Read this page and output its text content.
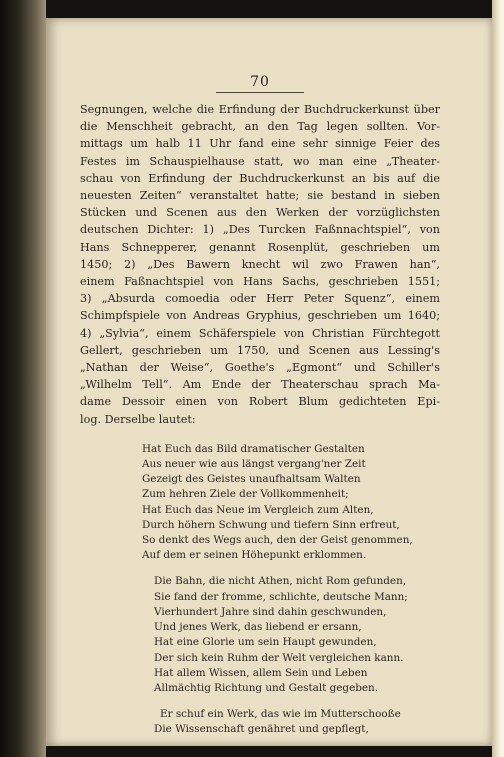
70
Segnungen, welche die Erfindung der Buchdruckerkunst über
die Menschheit gebracht, an den Tag legen sollten. Vor-
mittags um halb 11 Uhr fand eine sehr sinnige Feier des
Festes im Schauspielhause statt, wo man eine „Theater-
schau von Erfindung der Buchdruckerkunst an bis auf die
neuesten Zeiten“ veranstaltet hatte; sie bestand in sieben
Stücken und Scenen aus den Werken der vorzüglichsten
deutschen Dichter: 1) „Des Turcken Faßnnachtspiel“, von
Hans Schnepperer, genannt Rosenplüt, geschrieben um
1450; 2) „Des Bawern knecht wil zwo Frawen han“,
einem Faßnachtspiel von Hans Sachs, geschrieben 1551;
3) „Absurda comoedia oder Herr Peter Squenz“, einem
Schimpfspiele von Andreas Gryphius, geschrieben um 1640;
4) „Sylvia“, einem Schäferspiele von Christian Fürchtegott
Gellert, geschrieben um 1750, und Scenen aus Lessing's
„Nathan der Weise“, Goethe's „Egmont“ und Schiller's
„Wilhelm Tell“. Am Ende der Theaterschau sprach Ma-
dame Dessoir einen von Robert Blum gedichteten Epi-
log. Derselbe lautet:
Hat Euch das Bild dramatischer Gestalten
Aus neuer wie aus längst vergang'ner Zeit
Gezeigt des Geistes unaufhaltsam Walten
Zum hehren Ziele der Vollkommenheit;
Hat Euch das Neue im Vergleich zum Alten,
Durch höhern Schwung und tiefern Sinn erfreut,
So denkt des Wegs auch, den der Geist genommen,
Auf dem er seinen Höhepunkt erklommen.
Die Bahn, die nicht Athen, nicht Rom gefunden,
Sie fand der fromme, schlichte, deutsche Mann;
Vierhundert Jahre sind dahin geschwunden,
Und jenes Werk, das liebend er ersann,
Hat eine Glorie um sein Haupt gewunden,
Der sich kein Ruhm der Welt vergleichen kann.
Hat allem Wissen, allem Sein und Leben
Allmächtig Richtung und Gestalt gegeben.
Er schuf ein Werk, das wie im Mutterschooße
Die Wissenschaft genähret und gepflegt,
